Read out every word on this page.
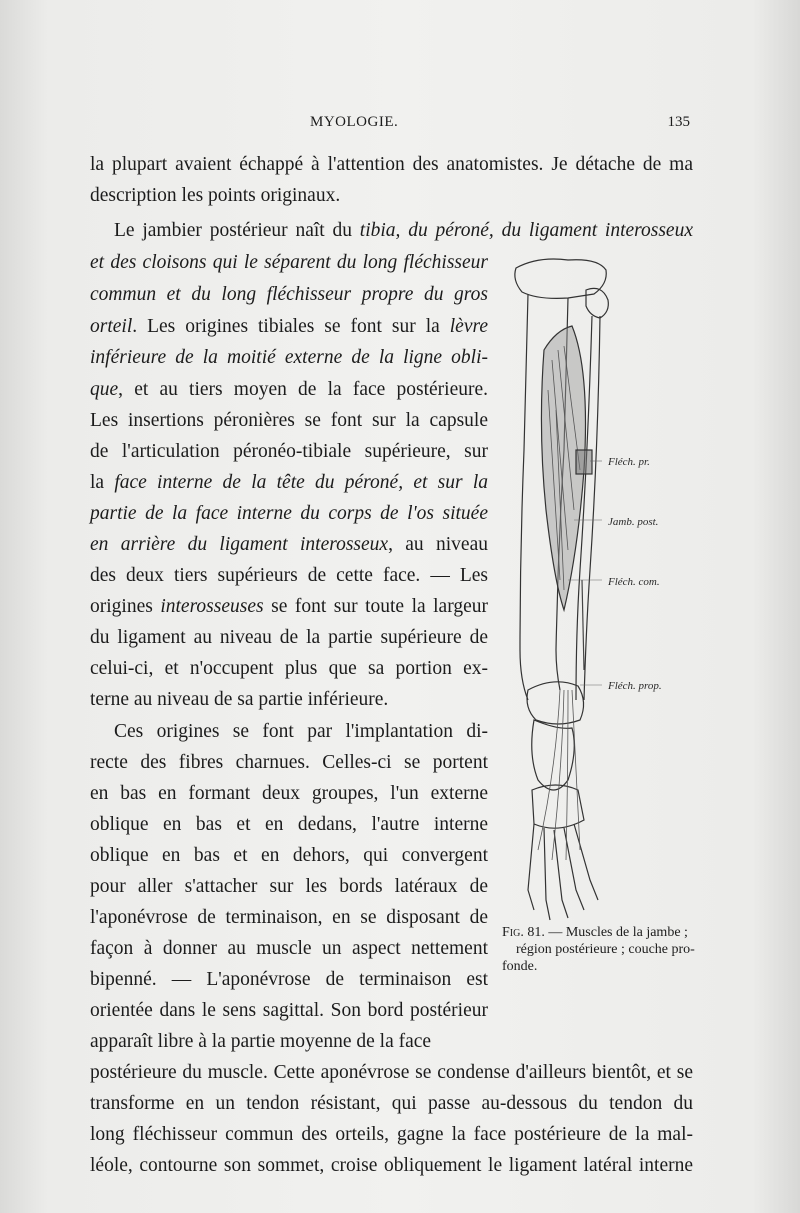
MYOLOGIE.	135
la plupart avaient échappé à l'attention des anatomistes. Je détache de ma
description les points originaux.
Le jambier postérieur naît du tibia, du péroné, du ligament interosseux
et des cloisons qui le séparent du long fléchisseur
commun et du long fléchisseur propre du gros
orteil. Les origines tibiales se font sur la lèvre
inférieure de la moitié externe de la ligne obli-
que, et au tiers moyen de la face postérieure.
Les insertions péronières se font sur la capsule
de l'articulation péronéo-tibiale supérieure, sur
la face interne de la tête du péroné, et sur la
partie de la face interne du corps de l'os située
en arrière du ligament interosseux, au niveau
des deux tiers supérieurs de cette face. — Les
origines interosseuses se font sur toute la largeur
du ligament au niveau de la partie supérieure de
celui-ci, et n'occupent plus que sa portion ex-
terne au niveau de sa partie inférieure.
Ces origines se font par l'implantation di-
recte des fibres charnues. Celles-ci se portent
en bas en formant deux groupes, l'un externe
oblique en bas et en dedans, l'autre interne
oblique en bas et en dehors, qui convergent
pour aller s'attacher sur les bords latéraux de
l'aponévrose de terminaison, en se disposant de
façon à donner au muscle un aspect nettement
bipenné. — L'aponévrose de terminaison est
orientée dans le sens sagittal. Son bord postérieur
apparaît libre à la partie moyenne de la face
postérieure du muscle. Cette aponévrose se condense d'ailleurs bientôt, et se
transforme en un tendon résistant, qui passe au-dessous du tendon du
long fléchisseur commun des orteils, gagne la face postérieure de la mal-
léole, contourne son sommet, croise obliquement le ligament latéral interne
Fléch. pr.
Jamb. post.
Fléch. com.
Fléch. prop.
Fig. 81. — Muscles de la jambe ;
région postérieure ; couche pro-
fonde.
